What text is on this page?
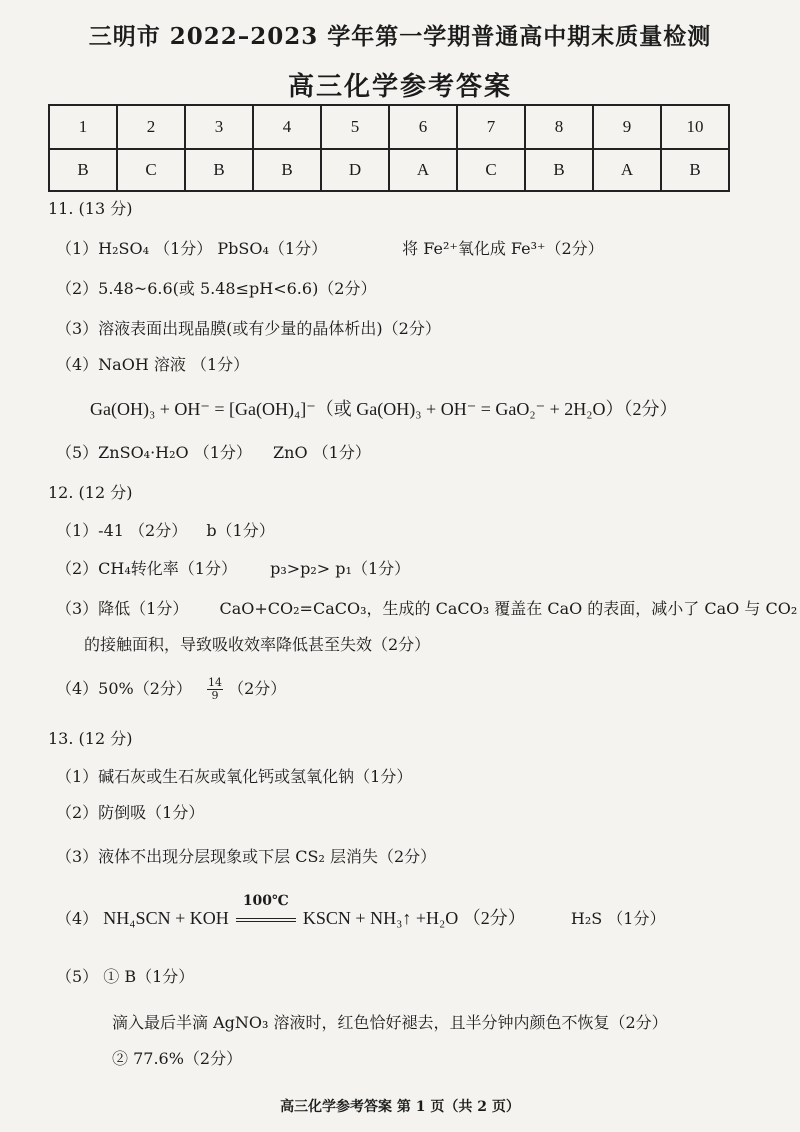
三明市 2022–2023 学年第一学期普通高中期末质量检测
高三化学参考答案
1	2	3	4	5	6	7	8	9	10
B	C	B	B	D	A	C	B	A	B
11. (13 分)
（1）H₂SO₄ （1分） PbSO₄（1分）	将 Fe²⁺氧化成 Fe³⁺（2分）
（2）5.48~6.6(或 5.48≤pH<6.6)（2分）
（3）溶液表面出现晶膜(或有少量的晶体析出)（2分）
（4）NaOH 溶液 （1分）
Ga(OH)₃ + OH⁻ = [Ga(OH)₄]⁻（或 Ga(OH)₃ + OH⁻ = GaO₂⁻ + 2H₂O）（2分）
（5）ZnSO₄·H₂O （1分） ZnO （1分）
12. (12 分)
（1）-41 （2分） b（1分）
（2）CH₄转化率（1分） p₃>p₂> p₁（1分）
（3）降低（1分） CaO+CO₂=CaCO₃，生成的 CaCO₃ 覆盖在 CaO 的表面，减小了 CaO 与 CO₂
的接触面积，导致吸收效率降低甚至失效（2分）
（4）50%（2分） $\frac{14}{9} (2$分）
13. (12 分)
（1）碱石灰或生石灰或氧化钙或氢氧化钠（1分）
（2）防倒吸（1分）
（3）液体不出现分层现象或下层 CS₂ 层消失（2分）
（4） NH₄SCN + KOH
100℃
KSCN + NH₃↑ +H₂O （2分）	H₂S （1分）
（5） ① B（1分）
滴入最后半滴 AgNO₃ 溶液时，红色恰好褪去，且半分钟内颜色不恢复（2分）
② 77.6%（2分）
高三化学参考答案 第 1 页（共 2 页）
